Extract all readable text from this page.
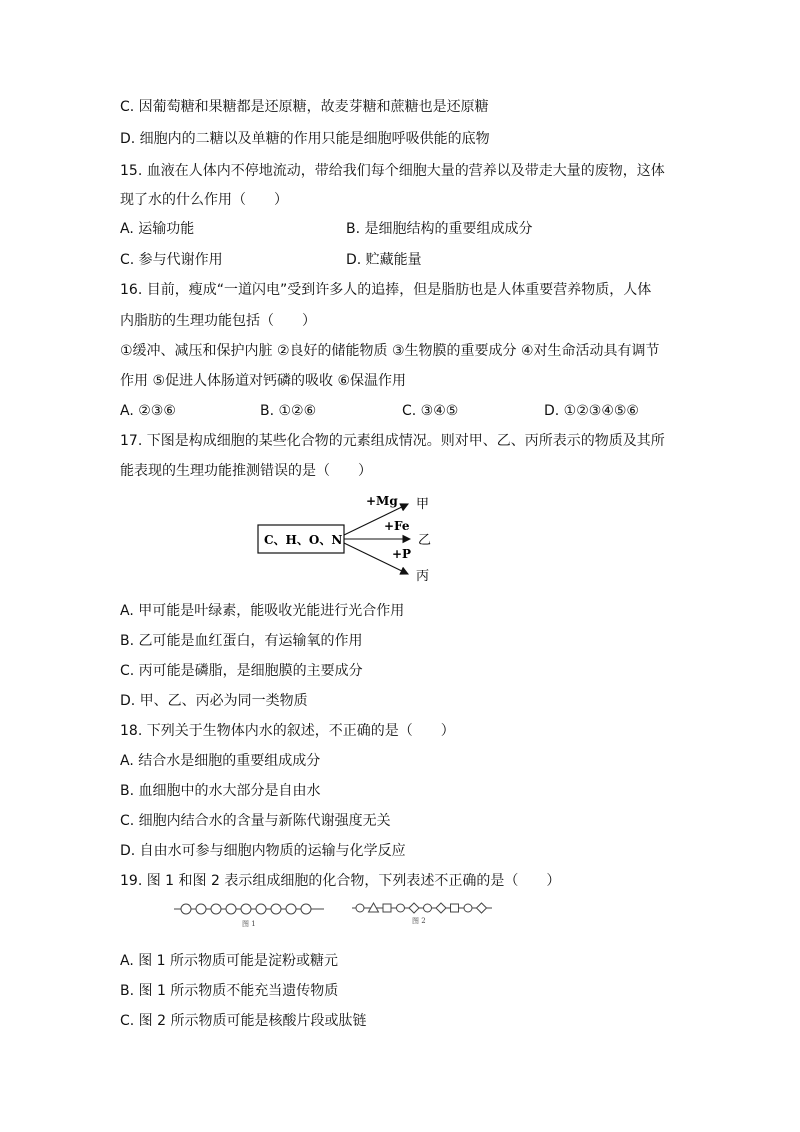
C. 因葡萄糖和果糖都是还原糖，故麦芽糖和蔗糖也是还原糖
D. 细胞内的二糖以及单糖的作用只能是细胞呼吸供能的底物
15. 血液在人体内不停地流动，带给我们每个细胞大量的营养以及带走大量的废物，这体
现了水的什么作用（　　）
A. 运输功能	B. 是细胞结构的重要组成成分
C. 参与代谢作用	D. 贮藏能量
16. 目前，瘦成“一道闪电”受到许多人的追捧，但是脂肪也是人体重要营养物质，人体
内脂肪的生理功能包括（　　）
①缓冲、减压和保护内脏 ②良好的储能物质 ③生物膜的重要成分 ④对生命活动具有调节
作用 ⑤促进人体肠道对钙磷的吸收 ⑥保温作用
A. ②③⑥	B. ①②⑥	C. ③④⑤	D. ①②③④⑤⑥
17. 下图是构成细胞的某些化合物的元素组成情况。则对甲、乙、丙所表示的物质及其所
能表现的生理功能推测错误的是（　　）
C、H、O、N
+Mg
+Fe
+P
甲
乙
丙
A. 甲可能是叶绿素，能吸收光能进行光合作用
B. 乙可能是血红蛋白，有运输氧的作用
C. 丙可能是磷脂，是细胞膜的主要成分
D. 甲、乙、丙必为同一类物质
18. 下列关于生物体内水的叙述，不正确的是（　　）
A. 结合水是细胞的重要组成成分
B. 血细胞中的水大部分是自由水
C. 细胞内结合水的含量与新陈代谢强度无关
D. 自由水可参与细胞内物质的运输与化学反应
19. 图 1 和图 2 表示组成细胞的化合物，下列表述不正确的是（　　）
图 1	图 2
A. 图 1 所示物质可能是淀粉或糖元
B. 图 1 所示物质不能充当遗传物质
C. 图 2 所示物质可能是核酸片段或肽链
